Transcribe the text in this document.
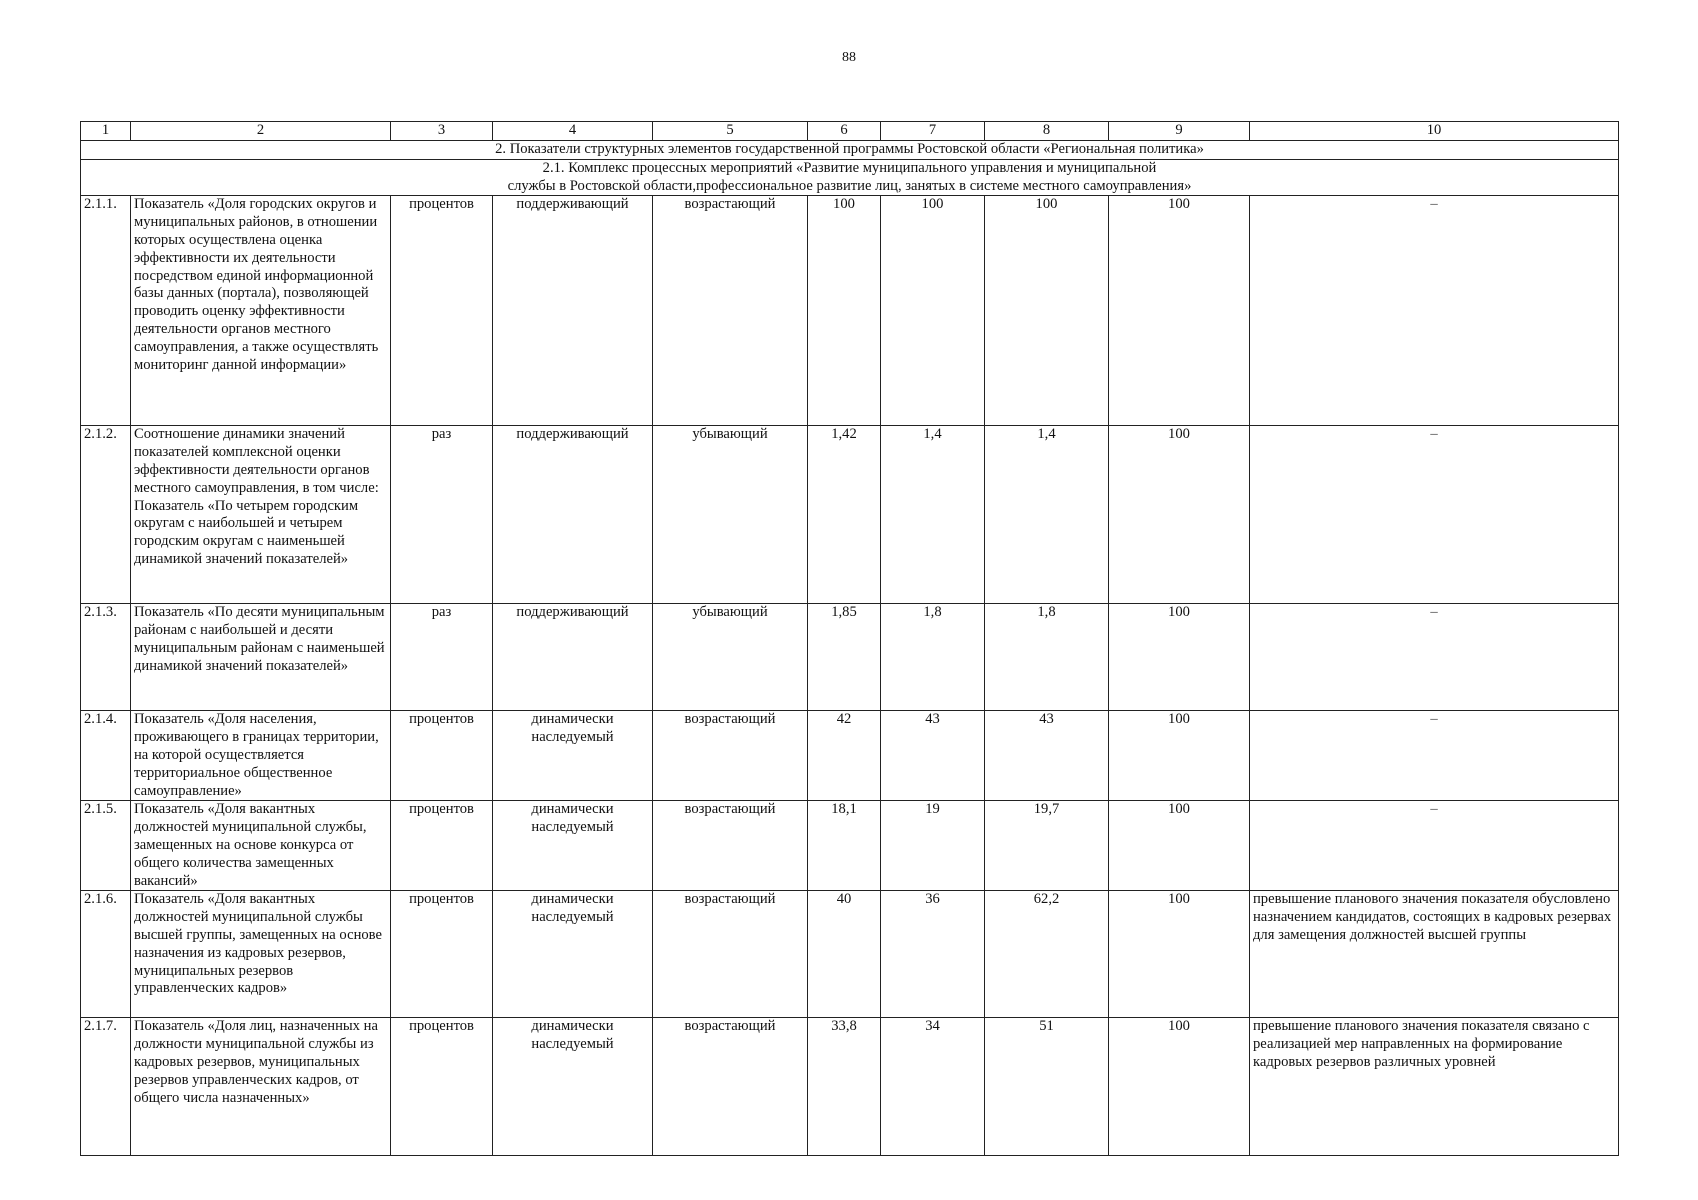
88
1	2	3	4	5	6	7	8	9	10
2. Показатели структурных элементов государственной программы Ростовской области «Региональная политика»									

2.1. Комплекс процессных мероприятий «Развитие муниципального управления и муниципальной
службы в Ростовской области,профессиональное развитие лиц, занятых в системе местного самоуправления»									

2.1.1.	Показатель «Доля городских округов и муниципальных районов, в отношении которых осуществлена оценка эффективности их деятельности посредством единой информационной базы данных (портала), позволяющей проводить оценку эффективности деятельности органов местного самоуправления, а также осуществлять мониторинг данной информации»	процентов	поддерживающий	возрастающий	100	100	100	100	–
2.1.2.	Соотношение динамики значений показателей комплексной оценки эффективности деятельности органов местного самоуправления, в том числе: Показатель «По четырем городским округам с наибольшей и четырем городским округам с наименьшей динамикой значений показателей»	раз	поддерживающий	убывающий	1,42	1,4	1,4	100	–
2.1.3.	Показатель «По десяти муниципальным районам с наибольшей и десяти муниципальным районам с наименьшей динамикой значений показателей»	раз	поддерживающий	убывающий	1,85	1,8	1,8	100	–
2.1.4.	Показатель «Доля населения, проживающего в границах территории, на которой осуществляется территориальное общественное самоуправление»	процентов	динамически наследуемый	возрастающий	42	43	43	100	–
2.1.5.	Показатель «Доля вакантных должностей муниципальной службы, замещенных на основе конкурса от общего количества замещенных вакансий»	процентов	динамически наследуемый	возрастающий	18,1	19	19,7	100	–
2.1.6.	Показатель «Доля вакантных должностей муниципальной службы высшей группы, замещенных на основе назначения из кадровых резервов, муниципальных резервов управленческих кадров»	процентов	динамически наследуемый	возрастающий	40	36	62,2	100	превышение планового значения показателя обусловлено назначением кандидатов, состоящих в кадровых резервах для замещения должностей высшей группы
2.1.7.	Показатель «Доля лиц, назначенных на должности муниципальной службы из кадровых резервов, муниципальных резервов управленческих кадров, от общего числа назначенных»	процентов	динамически наследуемый	возрастающий	33,8	34	51	100	превышение планового значения показателя связано с реализацией мер направленных на формирование кадровых резервов различных уровней
